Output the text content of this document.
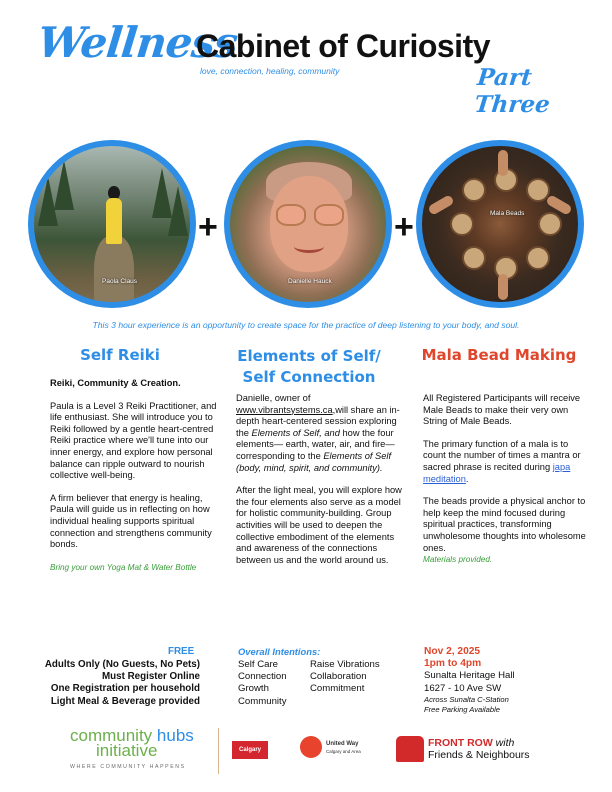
Wellness
Cabinet of Curiosity
love, connection, healing, community	Part Three
Paola Claus
+
Danielle Hauck
+	Mala Beads
This 3 hour experience is an opportunity to create space for the practice of deep listening to your body, and soul.
Self Reiki

Reiki, Community & Creation.

Paula is a Level 3 Reiki Practitioner, and life enthusiast. She will introduce you to Reiki followed by a gentle heart-centred Reiki practice where we'll tune into our inner energy, and explore how personal balance can ripple outward to nourish collective well-being.

A firm believer that energy is healing, Paula will guide us in reflecting on how individual healing supports spiritual connection and strengthens community bonds.

Bring your own Yoga Mat & Water Bottle
Elements of Self/
Self Connection

Danielle, owner of
www.vibrantsystems.ca,will share an in-depth heart-centered session exploring the Elements of Self, and how the four elements— earth, water, air, and fire— corresponding to the Elements of Self (body, mind, spirit, and community).

After the light meal, you will explore how the four elements also serve as a model for holistic community-building. Group activities will be used to deepen the collective embodiment of the elements and awareness of the connections between us and the world around us.

Mala Bead Making

All Registered Participants will receive Male Beads to make their very own String of Male Beads.

The primary function of a mala is to count the number of times a mantra or sacred phrase is recited during japa meditation.

The beads provide a physical anchor to help keep the mind focused during spiritual practices, transforming unwholesome thoughts into wholesome ones.

Materials provided.
FREE
Adults Only (No Guests, No Pets)
Must Register Online
One Registration per household
Light Meal & Beverage provided
Overall Intentions:
Self Care
Connection
Growth
Community
Raise Vibrations
Collaboration
Commitment
Nov 2, 2025
1pm to 4pm
Sunalta Heritage Hall
1627 - 10 Ave SW
Across Sunalta C-Station
Free Parking Available
community hubs
initiative
WHERE COMMUNITY HAPPENS
Calgary
United Way
Calgary and Area
FRONT ROW with
Friends & Neighbours
